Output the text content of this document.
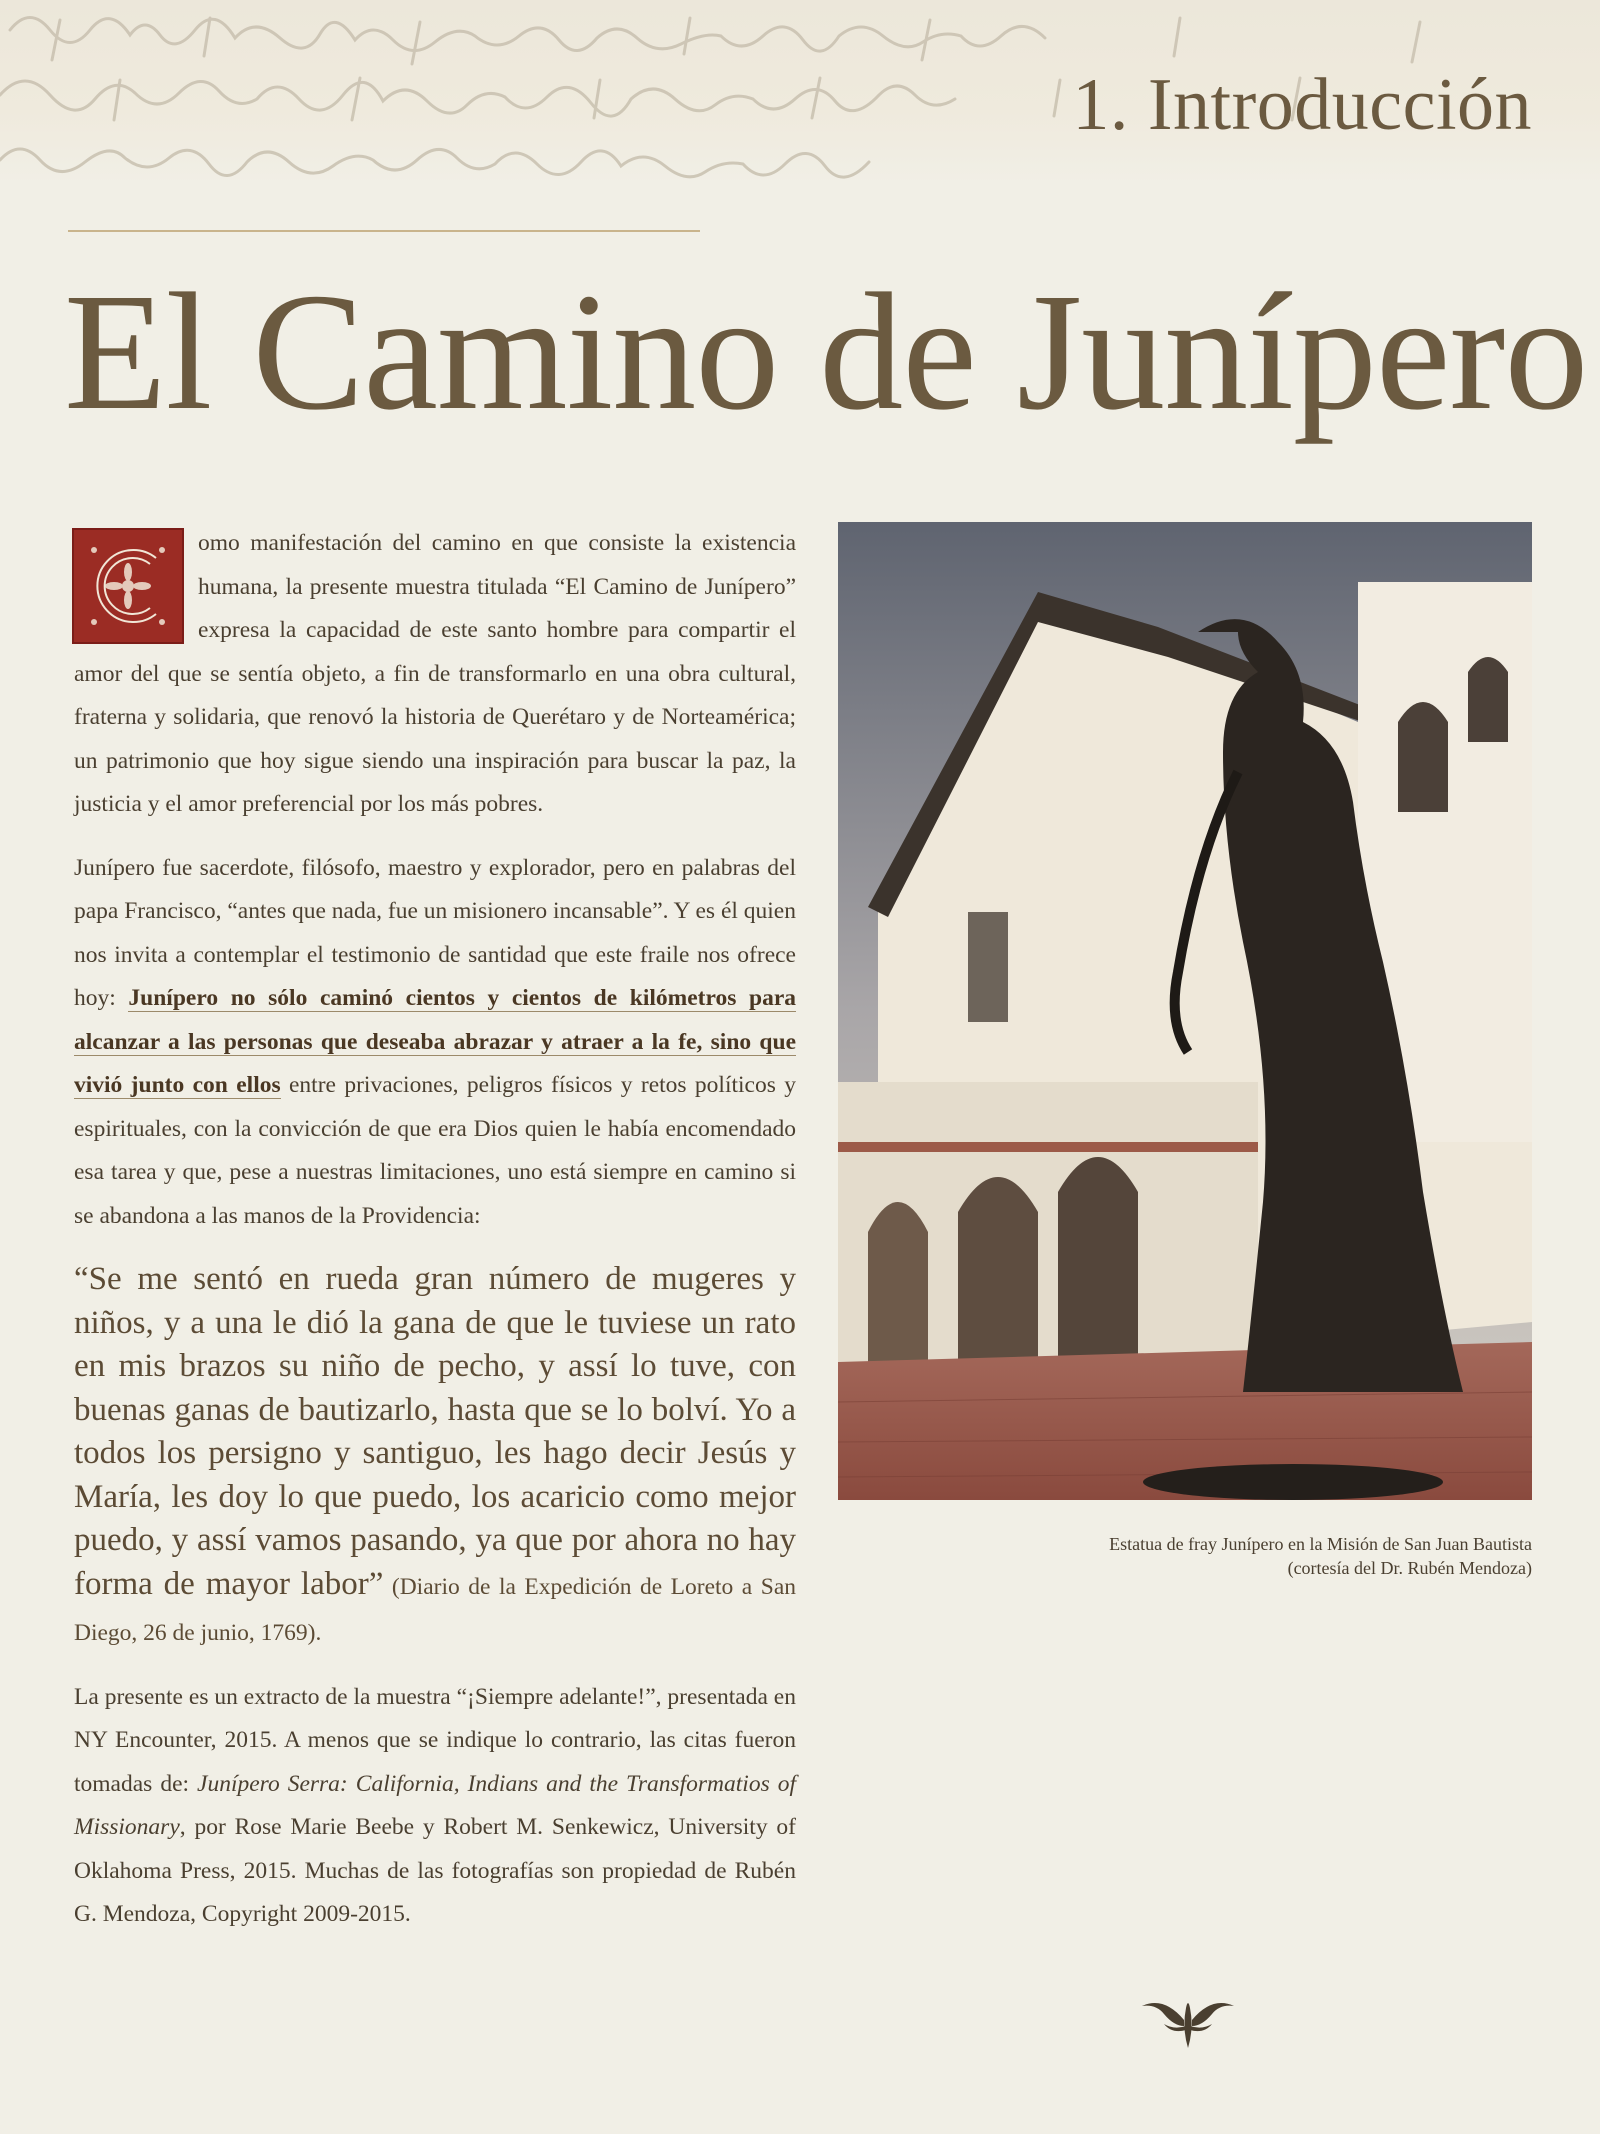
1. Introducción
El Camino de Junípero

omo manifestación del camino en que consiste la existencia humana, la presente muestra titulada “El Camino de Junípero” expresa la capacidad de este santo hombre para compartir el amor del que se sentía objeto, a fin de transformarlo en una obra cultural, fraterna y solidaria, que renovó la historia de Querétaro y de Norteamérica; un patrimonio que hoy sigue siendo una inspiración para buscar la paz, la justicia y el amor preferencial por los más pobres.

Junípero fue sacerdote, filósofo, maestro y explorador, pero en palabras del papa Francisco, “antes que nada, fue un misionero incansable”. Y es él quien nos invita a contemplar el testimonio de santidad que este fraile nos ofrece hoy: Junípero no sólo caminó cientos y cientos de kilómetros para alcanzar a las personas que deseaba abrazar y atraer a la fe, sino que vivió junto con ellos entre privaciones, peligros físicos y retos políticos y espirituales, con la convicción de que era Dios quien le había encomendado esa tarea y que, pese a nuestras limitaciones, uno está siempre en camino si se abandona a las manos de la Providencia:

“Se me sentó en rueda gran número de mugeres y niños, y a una le dió la gana de que le tuviese un rato en mis brazos su niño de pecho, y assí lo tuve, con buenas ganas de bautizarlo, hasta que se lo bolví. Yo a todos los persigno y santiguo, les hago decir Jesús y María, les doy lo que puedo, los acaricio como mejor puedo, y assí vamos pasando, ya que por ahora no hay forma de mayor labor” (Diario de la Expedición de Loreto a San Diego, 26 de junio, 1769).

La presente es un extracto de la muestra “¡Siempre adelante!”, presentada en NY Encounter, 2015. A menos que se indique lo contrario, las citas fueron tomadas de: Junípero Serra: California, Indians and the Transformatios of Missionary, por Rose Marie Beebe y Robert M. Senkewicz, University of Oklahoma Press, 2015. Muchas de las fotografías son propiedad de Rubén G. Mendoza, Copyright 2009-2015.

Estatua de fray Junípero en la Misión de San Juan Bautista
(cortesía del Dr. Rubén Mendoza)
